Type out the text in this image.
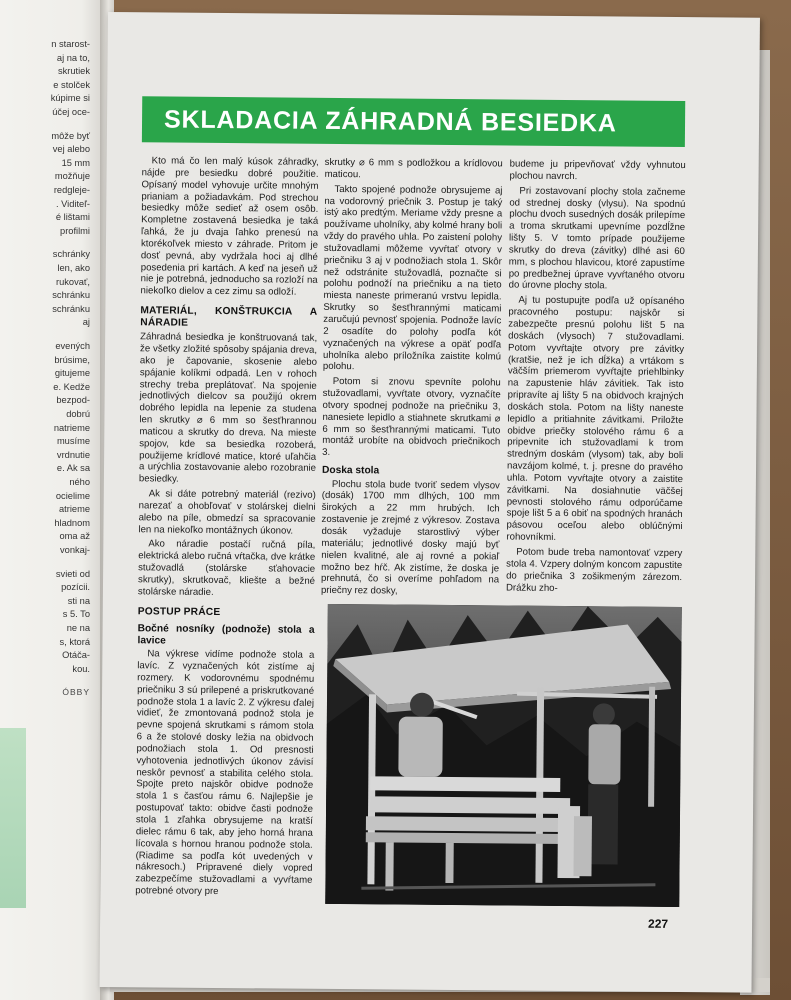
n starost-
aj na to,
skrutiek
e stolček
kúpime si
účej oce-
môže byť
vej alebo
15 mm
možňuje
redgleje-
. Viditeľ-
é lištami
profilmi
schránky
len, ako
rukovať,
schránku
schránku
aj
evených
brúsime,
gitujeme
e. Kedže
bezpod-
dobrú
natrieme
musíme
vrdnutie
e. Ak sa
ného
ocielime
atrieme
hladnom
oma až
vonkaj-
svieti od
pozícii.
sti na
s 5. To
ne na
s, ktorá
Otáča-
kou.
ÓBBY
SKLADACIA ZÁHRADNÁ BESIEDKA

Kto má čo len malý kúsok záhradky, nájde pre besiedku dobré použitie. Opísaný model vyhovuje určite mnohým prianiam a požiadavkám. Pod strechou besiedky môže sedieť až osem osôb. Kompletne zostavená besiedka je taká ľahká, že ju dvaja ľahko prenesú na ktorékoľvek miesto v záhrade. Pritom je dosť pevná, aby vydržala hoci aj dlhé posedenia pri kartách. A keď na jeseň už nie je potrebná, jednoducho sa rozloží na niekoľko dielov a cez zimu sa odloží.

MATERIÁL, KONŠTRUKCIA A NÁRADIE

Záhradná besiedka je konštruovaná tak, že všetky zložité spôsoby spájania dreva, ako je čapovanie, skosenie alebo spájanie kolíkmi odpadá. Len v rohoch strechy treba preplátovať. Na spojenie jednotlivých dielcov sa použijú okrem dobrého lepidla na lepenie za studena len skrutky ⌀ 6 mm so šesťhrannou maticou a skrutky do dreva. Na mieste spojov, kde sa besiedka rozoberá, použijeme krídlové matice, ktoré uľahčia a urýchlia zostavovanie alebo rozobranie besiedky.

Ak si dáte potrebný materiál (rezivo) narezať a ohobľovať v stolárskej dielni alebo na píle, obmedzí sa spracovanie len na niekoľko montážnych úkonov.

Ako náradie postačí ručná píla, elektrická alebo ručná vŕtačka, dve krátke stužovadlá (stolárske sťahovacie skrutky), skrutkovač, kliešte a bežné stolárske náradie.

POSTUP PRÁCE
Bočné nosníky (podnože) stola a lavice

Na výkrese vidíme podnože stola a lavíc. Z vyznačených kót zistíme aj rozmery. K vodorovnému spodnému priečniku 3 sú prilepené a priskrutkované podnože stola 1 a lavíc 2. Z výkresu ďalej vidieť, že zmontovaná podnož stola je pevne spojená skrutkami s rámom stola 6 a že stolové dosky ležia na obidvoch podnožiach stola 1. Od presnosti vyhotovenia jednotlivých úkonov závisí neskôr pevnosť a stabilita celého stola. Spojte preto najskôr obidve podnože stola 1 s časťou rámu 6. Najlepšie je postupovať takto: obidve časti podnože stola 1 zľahka obrysujeme na kratší dielec rámu 6 tak, aby jeho horná hrana lícovala s hornou hranou podnože stola. (Riadime sa podľa kót uvedených v nákresoch.) Pripravené diely vopred zabezpečíme stužovadlami a vyvŕtame potrebné otvory pre

skrutky ⌀ 6 mm s podložkou a krídlovou maticou.

Takto spojené podnože obrysujeme aj na vodorovný priečnik 3. Postup je taký istý ako predtým. Meriame vždy presne a používame uholníky, aby kolmé hrany boli vždy do pravého uhla. Po zaistení polohy stužovadlami môžeme vyvŕtať otvory v priečniku 3 aj v podnožiach stola 1. Skôr než odstránite stužovadlá, poznačte si polohu podnoží na priečniku a na tieto miesta naneste primeranú vrstvu lepidla. Skrutky so šesťhrannými maticami zaručujú pevnosť spojenia. Podnože lavíc 2 osadíte do polohy podľa kót vyznačených na výkrese a opäť podľa uholníka alebo príložníka zaistite kolmú polohu.

Potom si znovu spevníte polohu stužovadlami, vyvŕtate otvory, vyznačíte otvory spodnej podnože na priečniku 3, nanesiete lepidlo a stiahnete skrutkami ⌀ 6 mm so šesťhrannými maticami. Tuto montáž urobíte na obidvoch priečnikoch 3.

Doska stola

Plochu stola bude tvoriť sedem vlysov (dosák) 1700 mm dlhých, 100 mm širokých a 22 mm hrubých. Ich zostavenie je zrejmé z výkresov. Zostava dosák vyžaduje starostlivý výber materiálu; jednotlivé dosky majú byť nielen kvalitné, ale aj rovné a pokiaľ možno bez hŕč. Ak zistíme, že doska je prehnutá, čo si overíme pohľadom na priečny rez dosky,

budeme ju pripevňovať vždy vyhnutou plochou navrch.

Pri zostavovaní plochy stola začneme od strednej dosky (vlysu). Na spodnú plochu dvoch susedných dosák prilepíme a troma skrutkami upevníme pozdĺžne lišty 5. V tomto prípade použijeme skrutky do dreva (závitky) dlhé asi 60 mm, s plochou hlavicou, ktoré zapustíme po predbežnej úprave vyvŕtaného otvoru do úrovne plochy stola.

Aj tu postupujte podľa už opísaného pracovného postupu: najskôr si zabezpečte presnú polohu lišt 5 na doskách (vlysoch) 7 stužovadlami. Potom vyvŕtajte otvory pre závitky (kratšie, než je ich dĺžka) a vrtákom s väčším priemerom vyvŕtajte priehlbinky na zapustenie hláv závitiek. Tak isto pripravíte aj lišty 5 na obidvoch krajných doskách stola. Potom na lišty naneste lepidlo a pritiahnite závitkami. Priložte obidve priečky stolového rámu 6 a pripevnite ich stužovadlami k trom stredným doskám (vlysom) tak, aby boli navzájom kolmé, t. j. presne do pravého uhla. Potom vyvŕtajte otvory a zaistite závitkami. Na dosiahnutie väčšej pevnosti stolového rámu odporúčame spoje lišt 5 a 6 obiť na spodných hranách pásovou oceľou alebo oblúčnými rohovníkmi.

Potom bude treba namontovať vzpery stola 4. Vzpery dolným koncom zapustite do priečnika 3 zošikmeným zárezom. Drážku zho-

227
